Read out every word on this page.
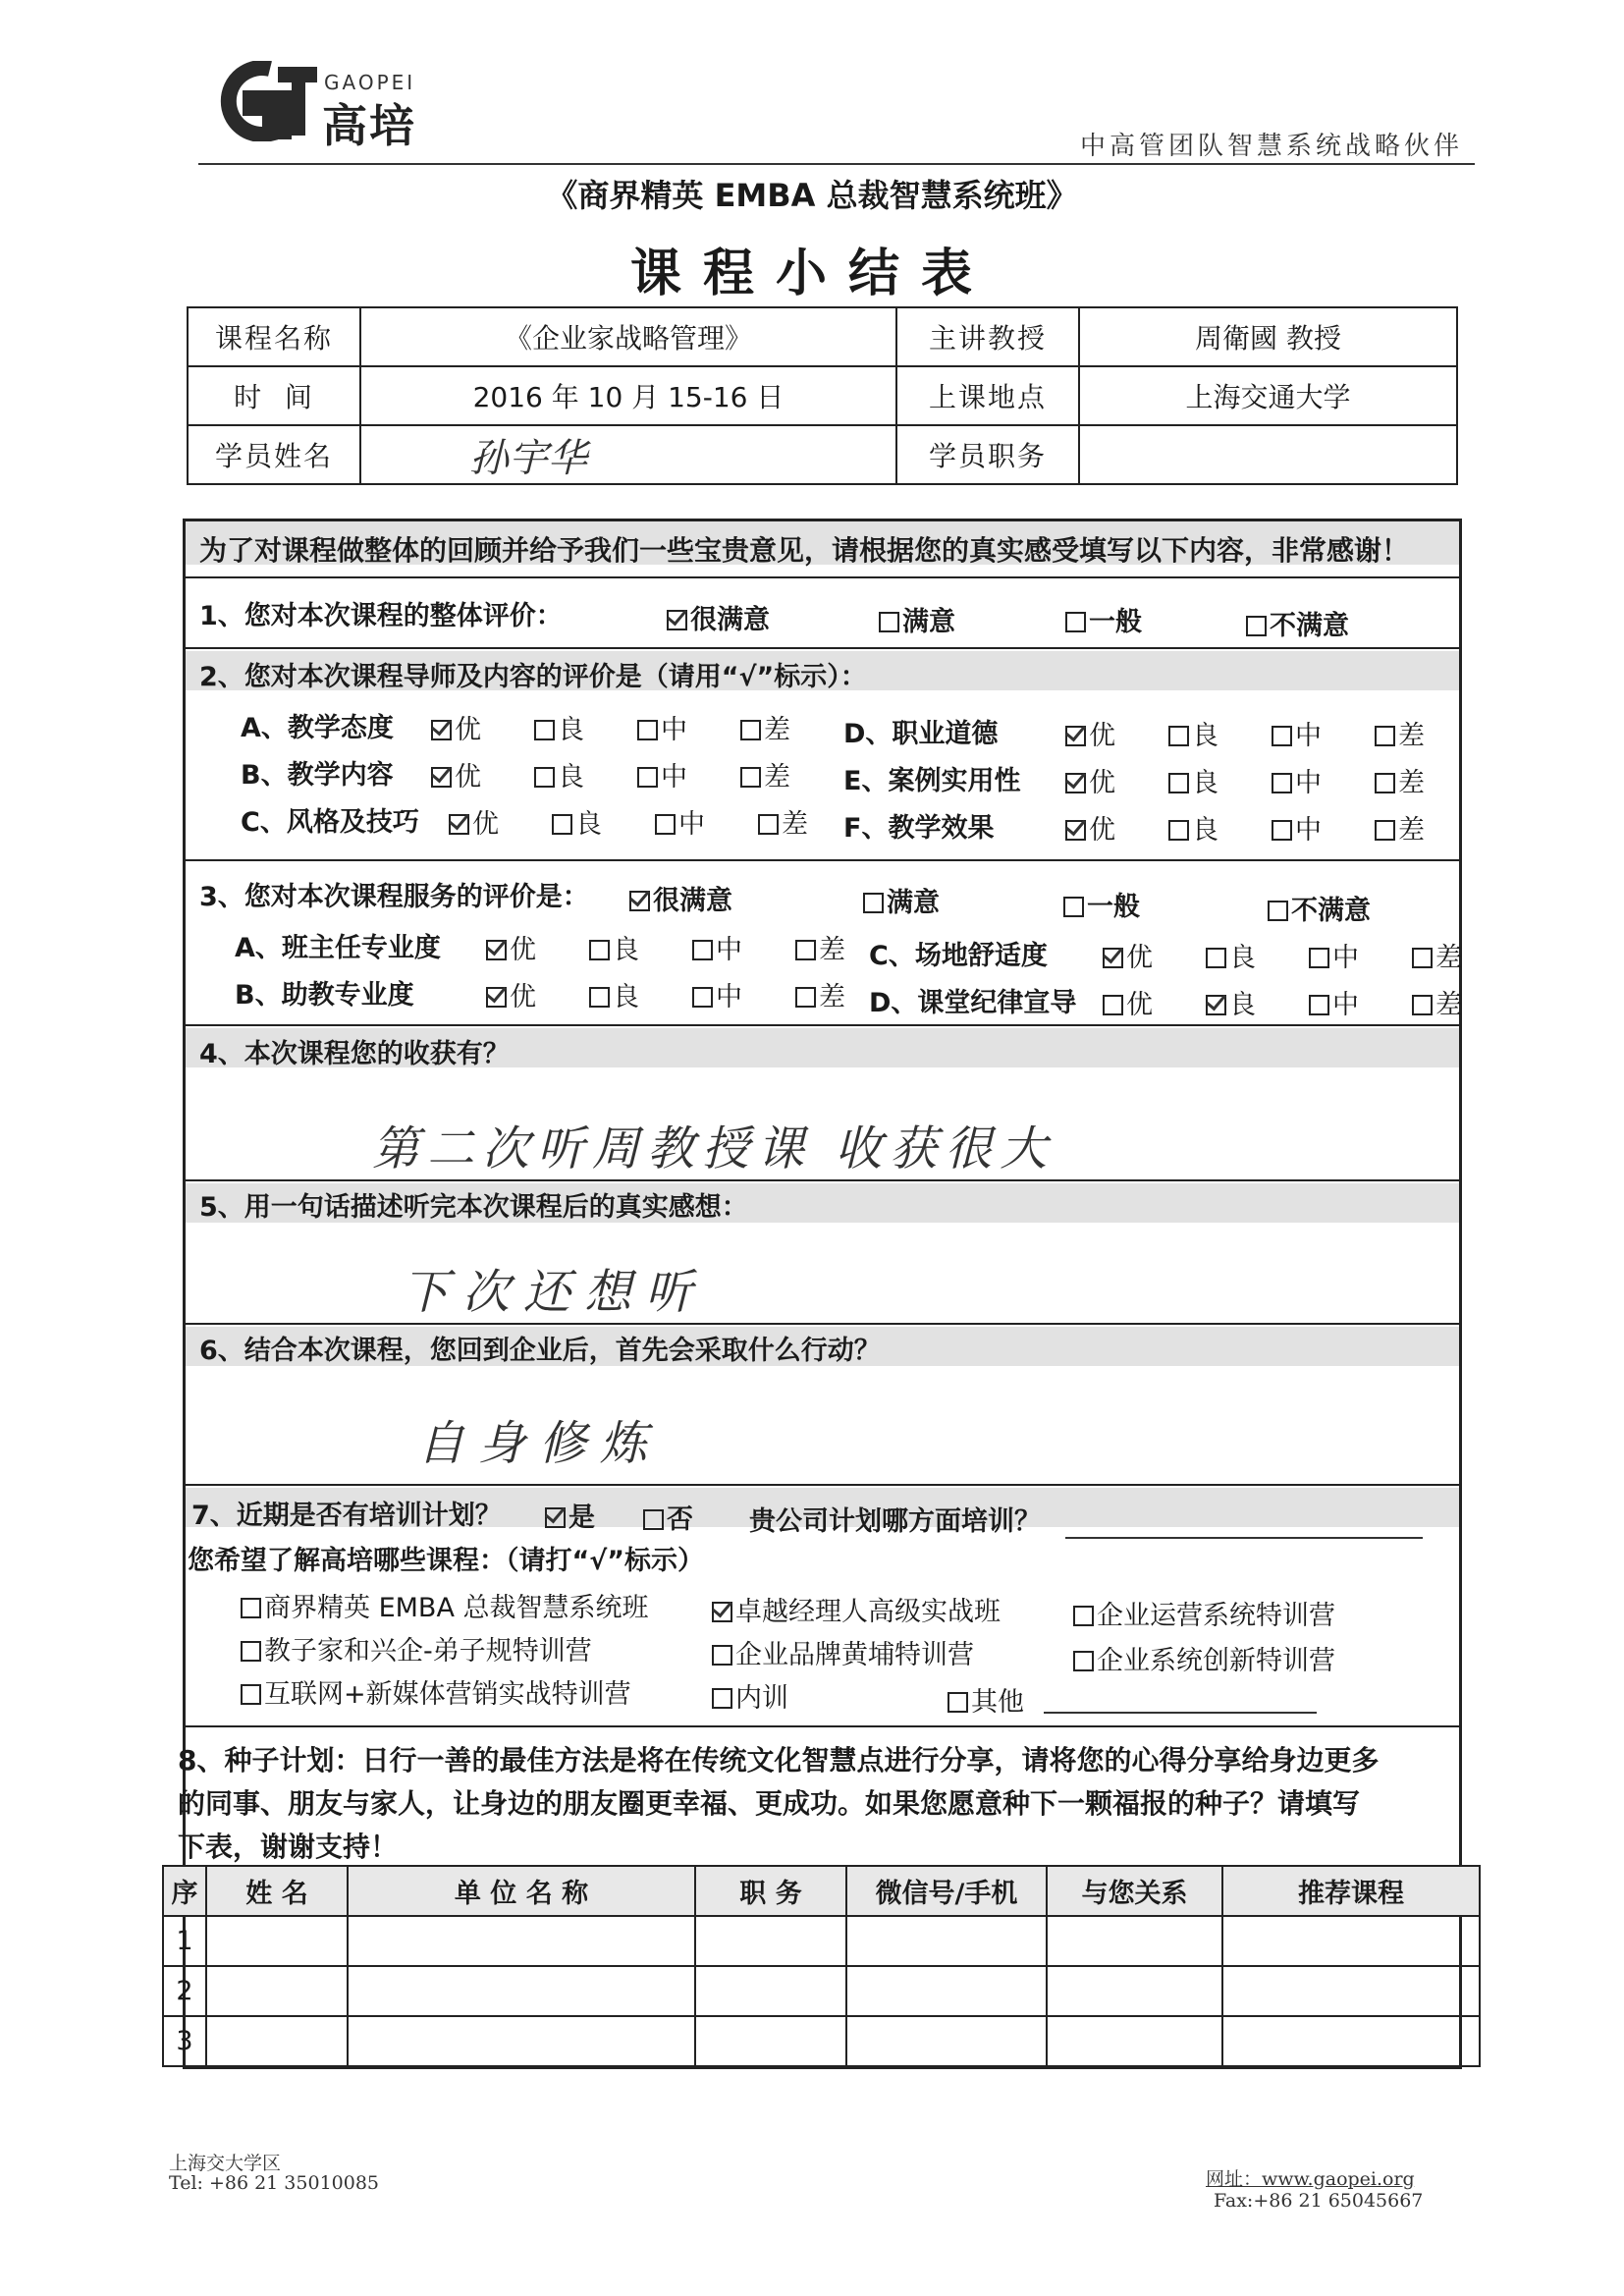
GAOPEI
高培	中高管团队智慧系统战略伙伴
《商界精英 EMBA 总裁智慧系统班》
课程小结表
课程名称	《企业家战略管理》	主讲教授	周衛國 教授
时  间	2016 年 10 月 15-16 日	上课地点	上海交通大学
学员姓名	孙宇华	学员职务	
为了对课程做整体的回顾并给予我们一些宝贵意见，请根据您的真实感受填写以下内容，非常感谢！
1、您对本次课程的整体评价：	很满意	满意	一般	不满意
2、您对本次课程导师及内容的评价是（请用“√”标示）：
A、教学态度	优　　	良　　	中　　	差
B、教学内容	优　　	良　　	中　　	差
C、风格及技巧	优　　	良　　	中　　	差
D、职业道德	优　　	良　　	中　　	差
E、案例实用性	优　　	良　　	中　　	差
F、教学效果	优　　	良　　	中　　	差
3、您对本次课程服务的评价是：	很满意	满意	一般	不满意
A、班主任专业度	优　　	良　　	中　　	差
B、助教专业度	优　　	良　　	中　　	差
C、场地舒适度	优　　	良　　	中　　	差
D、课堂纪律宣导	优　　	良　　	中　　	差
4、本次课程您的收获有？
第二次听周教授课 收获很大
5、用一句话描述听完本次课程后的真实感想：
下次还想听
6、结合本次课程，您回到企业后，首先会采取什么行动？
自身修炼
7、近期是否有培训计划？	是	否 贵公司计划哪方面培训？
您希望了解高培哪些课程：（请打“√”标示）
商界精英 EMBA 总裁智慧系统班	卓越经理人高级实战班	企业运营系统特训营
教子家和兴企-弟子规特训营	企业品牌黄埔特训营	企业系统创新特训营
互联网+新媒体营销实战特训营	内训	其他
8、种子计划：日行一善的最佳方法是将在传统文化智慧点进行分享，请将您的心得分享给身边更多
的同事、朋友与家人，让身边的朋友圈更幸福、更成功。如果您愿意种下一颗福报的种子？请填写
下表，谢谢支持！
序	姓 名	单 位 名 称	职 务	微信号/手机	与您关系	推荐课程
1						
2						
3						
上海交大学区
Tel: +86 21 35010085	网址：www.gaopei.org
Fax:+86 21 65045667
